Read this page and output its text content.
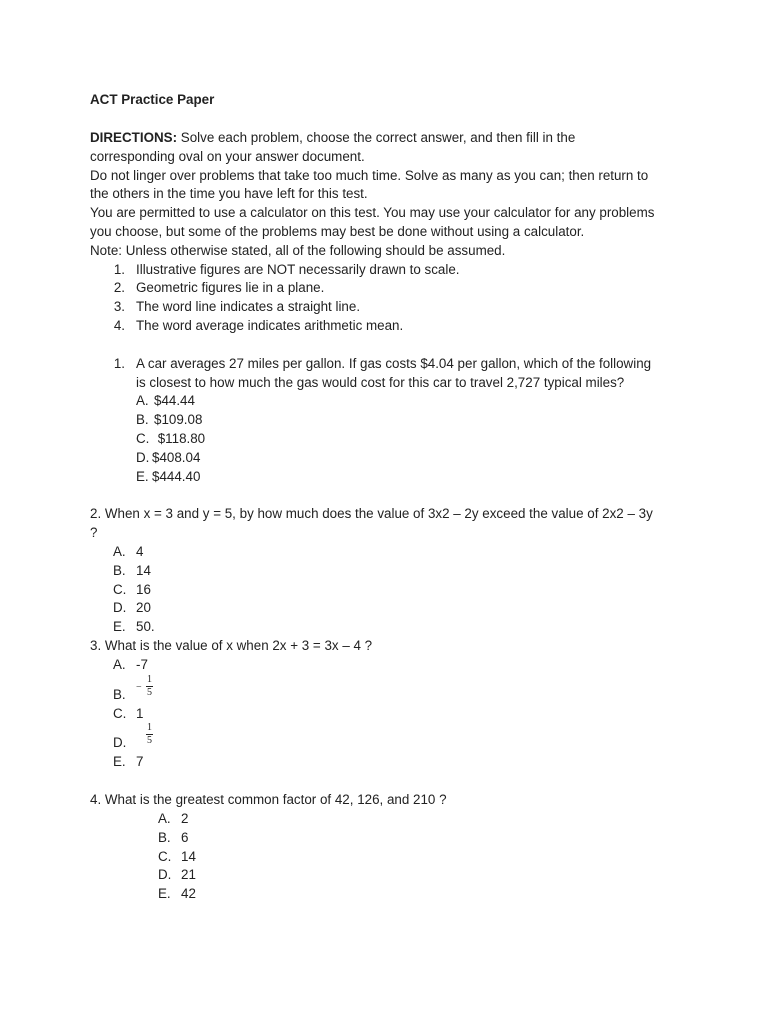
ACT Practice Paper

DIRECTIONS: Solve each problem, choose the correct answer, and then fill in the

corresponding oval on your answer document.

Do not linger over problems that take too much time. Solve as many as you can; then return to

the others in the time you have left for this test.

You are permitted to use a calculator on this test. You may use your calculator for any problems

you choose, but some of the problems may best be done without using a calculator.

Note: Unless otherwise stated, all of the following should be assumed.

1. Illustrative figures are NOT necessarily drawn to scale.
2. Geometric figures lie in a plane.
3. The word line indicates a straight line.
4. The word average indicates arithmetic mean.
1. A car averages 27 miles per gallon. If gas costs $4.04 per gallon, which of the following
is closest to how much the gas would cost for this car to travel 2,727 typical miles?
A. $44.44
B. $109.08
C. $118.80
D. $408.04
E. $444.40

2. When x = 3 and y = 5, by how much does the value of 3x2 – 2y exceed the value of 2x2 – 3y

?

A. 4
B. 14
C. 16
D. 20
E. 50.

3. What is the value of x when 2x + 3 = 3x – 4 ?

A. -7
B.	−
1
5
C. 1
D.
1
5
E. 7

4. What is the greatest common factor of 42, 126, and 210 ?

A. 2
B. 6
C. 14
D. 21
E. 42
